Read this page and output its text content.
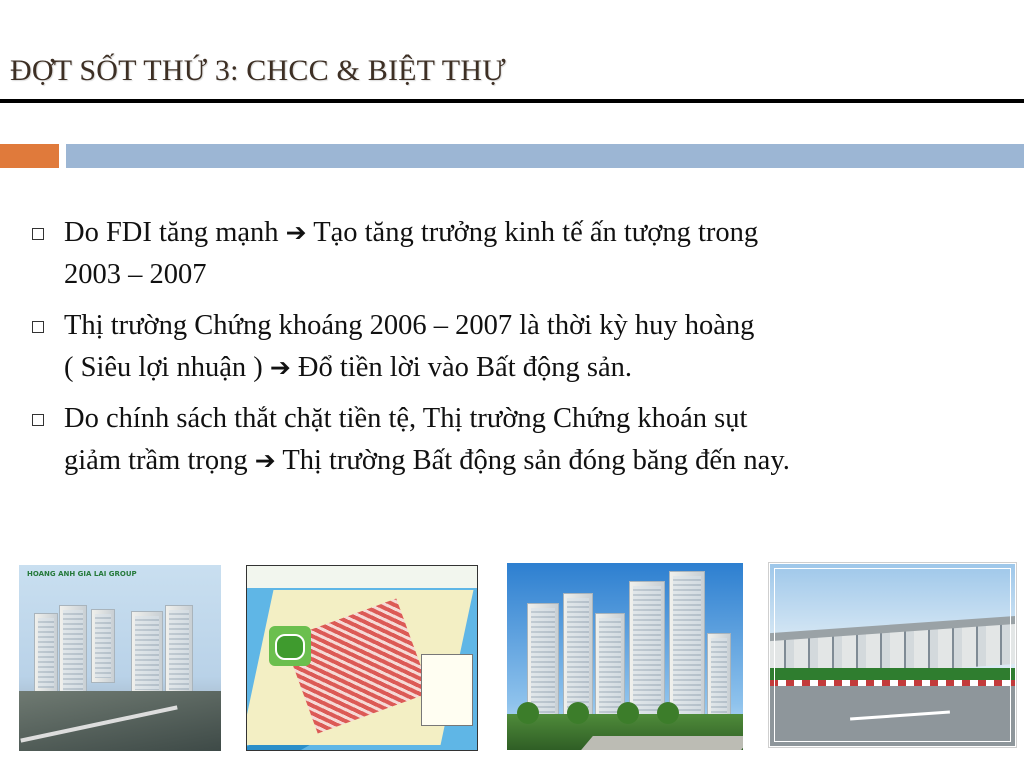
ĐỢT SỐT THỨ 3: CHCC & BIỆT THỰ
Do FDI tăng mạnh ➔ Tạo tăng trưởng kinh tế ấn tượng trong
2003 – 2007
Thị trường Chứng khoáng 2006 – 2007 là thời kỳ huy hoàng
( Siêu lợi nhuận ) ➔ Đổ tiền lời vào Bất động sản.
Do chính sách thắt chặt tiền tệ, Thị trường Chứng khoán sụt
giảm trầm trọng ➔ Thị trường Bất động sản đóng băng đến nay.
HOANG ANH GIA LAI GROUP
